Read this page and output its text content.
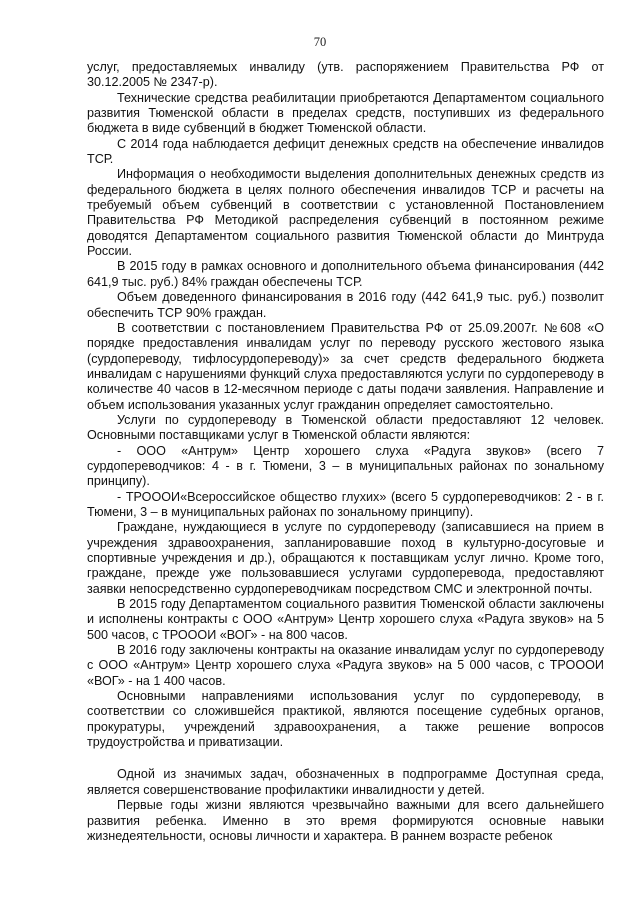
70

услуг, предоставляемых инвалиду (утв. распоряжением Правительства РФ от 30.12.2005 № 2347-р).

Технические средства реабилитации приобретаются Департаментом социального развития Тюменской области в пределах средств, поступивших из федерального бюджета в виде субвенций в бюджет Тюменской области.

С 2014 года наблюдается дефицит денежных средств на обеспечение инвалидов ТСР.

Информация о необходимости выделения дополнительных денежных средств из федерального бюджета в целях полного обеспечения инвалидов ТСР и расчеты на требуемый объем субвенций в соответствии с установленной Постановлением Правительства РФ Методикой распределения субвенций в постоянном режиме доводятся Департаментом социального развития Тюменской области до Минтруда России.

В 2015 году в рамках основного и дополнительного объема финансирования (442 641,9 тыс. руб.) 84% граждан обеспечены ТСР.

Объем доведенного финансирования в 2016 году (442 641,9 тыс. руб.) позволит обеспечить ТСР 90% граждан.

В соответствии с постановлением Правительства РФ от 25.09.2007г. №608 «О порядке предоставления инвалидам услуг по переводу русского жестового языка (сурдопереводу, тифлосурдопереводу)» за счет средств федерального бюджета инвалидам с нарушениями функций слуха предоставляются услуги по сурдопереводу в количестве 40 часов в 12-месячном периоде с даты подачи заявления. Направление и объем использования указанных услуг гражданин определяет самостоятельно.

Услуги по сурдопереводу в Тюменской области предоставляют 12 человек. Основными поставщиками услуг в Тюменской области являются:

- ООО «Антрум» Центр хорошего слуха «Радуга звуков» (всего 7 сурдопереводчиков: 4 - в г. Тюмени, 3 – в муниципальных районах по зональному принципу).

- ТРОООИ«Всероссийское общество глухих» (всего 5 сурдопереводчиков: 2 - в г. Тюмени, 3 – в муниципальных районах по зональному принципу).

Граждане, нуждающиеся в услуге по сурдопереводу (записавшиеся на прием в учреждения здравоохранения, запланировавшие поход в культурно-досуговые и спортивные учреждения и др.), обращаются к поставщикам услуг лично. Кроме того, граждане, прежде уже пользовавшиеся услугами сурдоперевода, предоставляют заявки непосредственно сурдопереводчикам посредством СМС и электронной почты.

В 2015 году Департаментом социального развития Тюменской области заключены и исполнены контракты с ООО «Антрум» Центр хорошего слуха «Радуга звуков» на 5 500 часов, с ТРОООИ «ВОГ» - на 800 часов.

В 2016 году заключены контракты на оказание инвалидам услуг по сурдопереводу с ООО «Антрум» Центр хорошего слуха «Радуга звуков» на 5 000 часов, с ТРОООИ «ВОГ» - на 1 400 часов.

Основными направлениями использования услуг по сурдопереводу, в соответствии со сложившейся практикой, являются посещение судебных органов, прокуратуры, учреждений здравоохранения, а также решение вопросов трудоустройства и приватизации.

Одной из значимых задач, обозначенных в подпрограмме Доступная среда, является совершенствование профилактики инвалидности у детей.

Первые годы жизни являются чрезвычайно важными для всего дальнейшего развития ребенка. Именно в это время формируются основные навыки жизнедеятельности, основы личности и характера. В раннем возрасте ребенок
